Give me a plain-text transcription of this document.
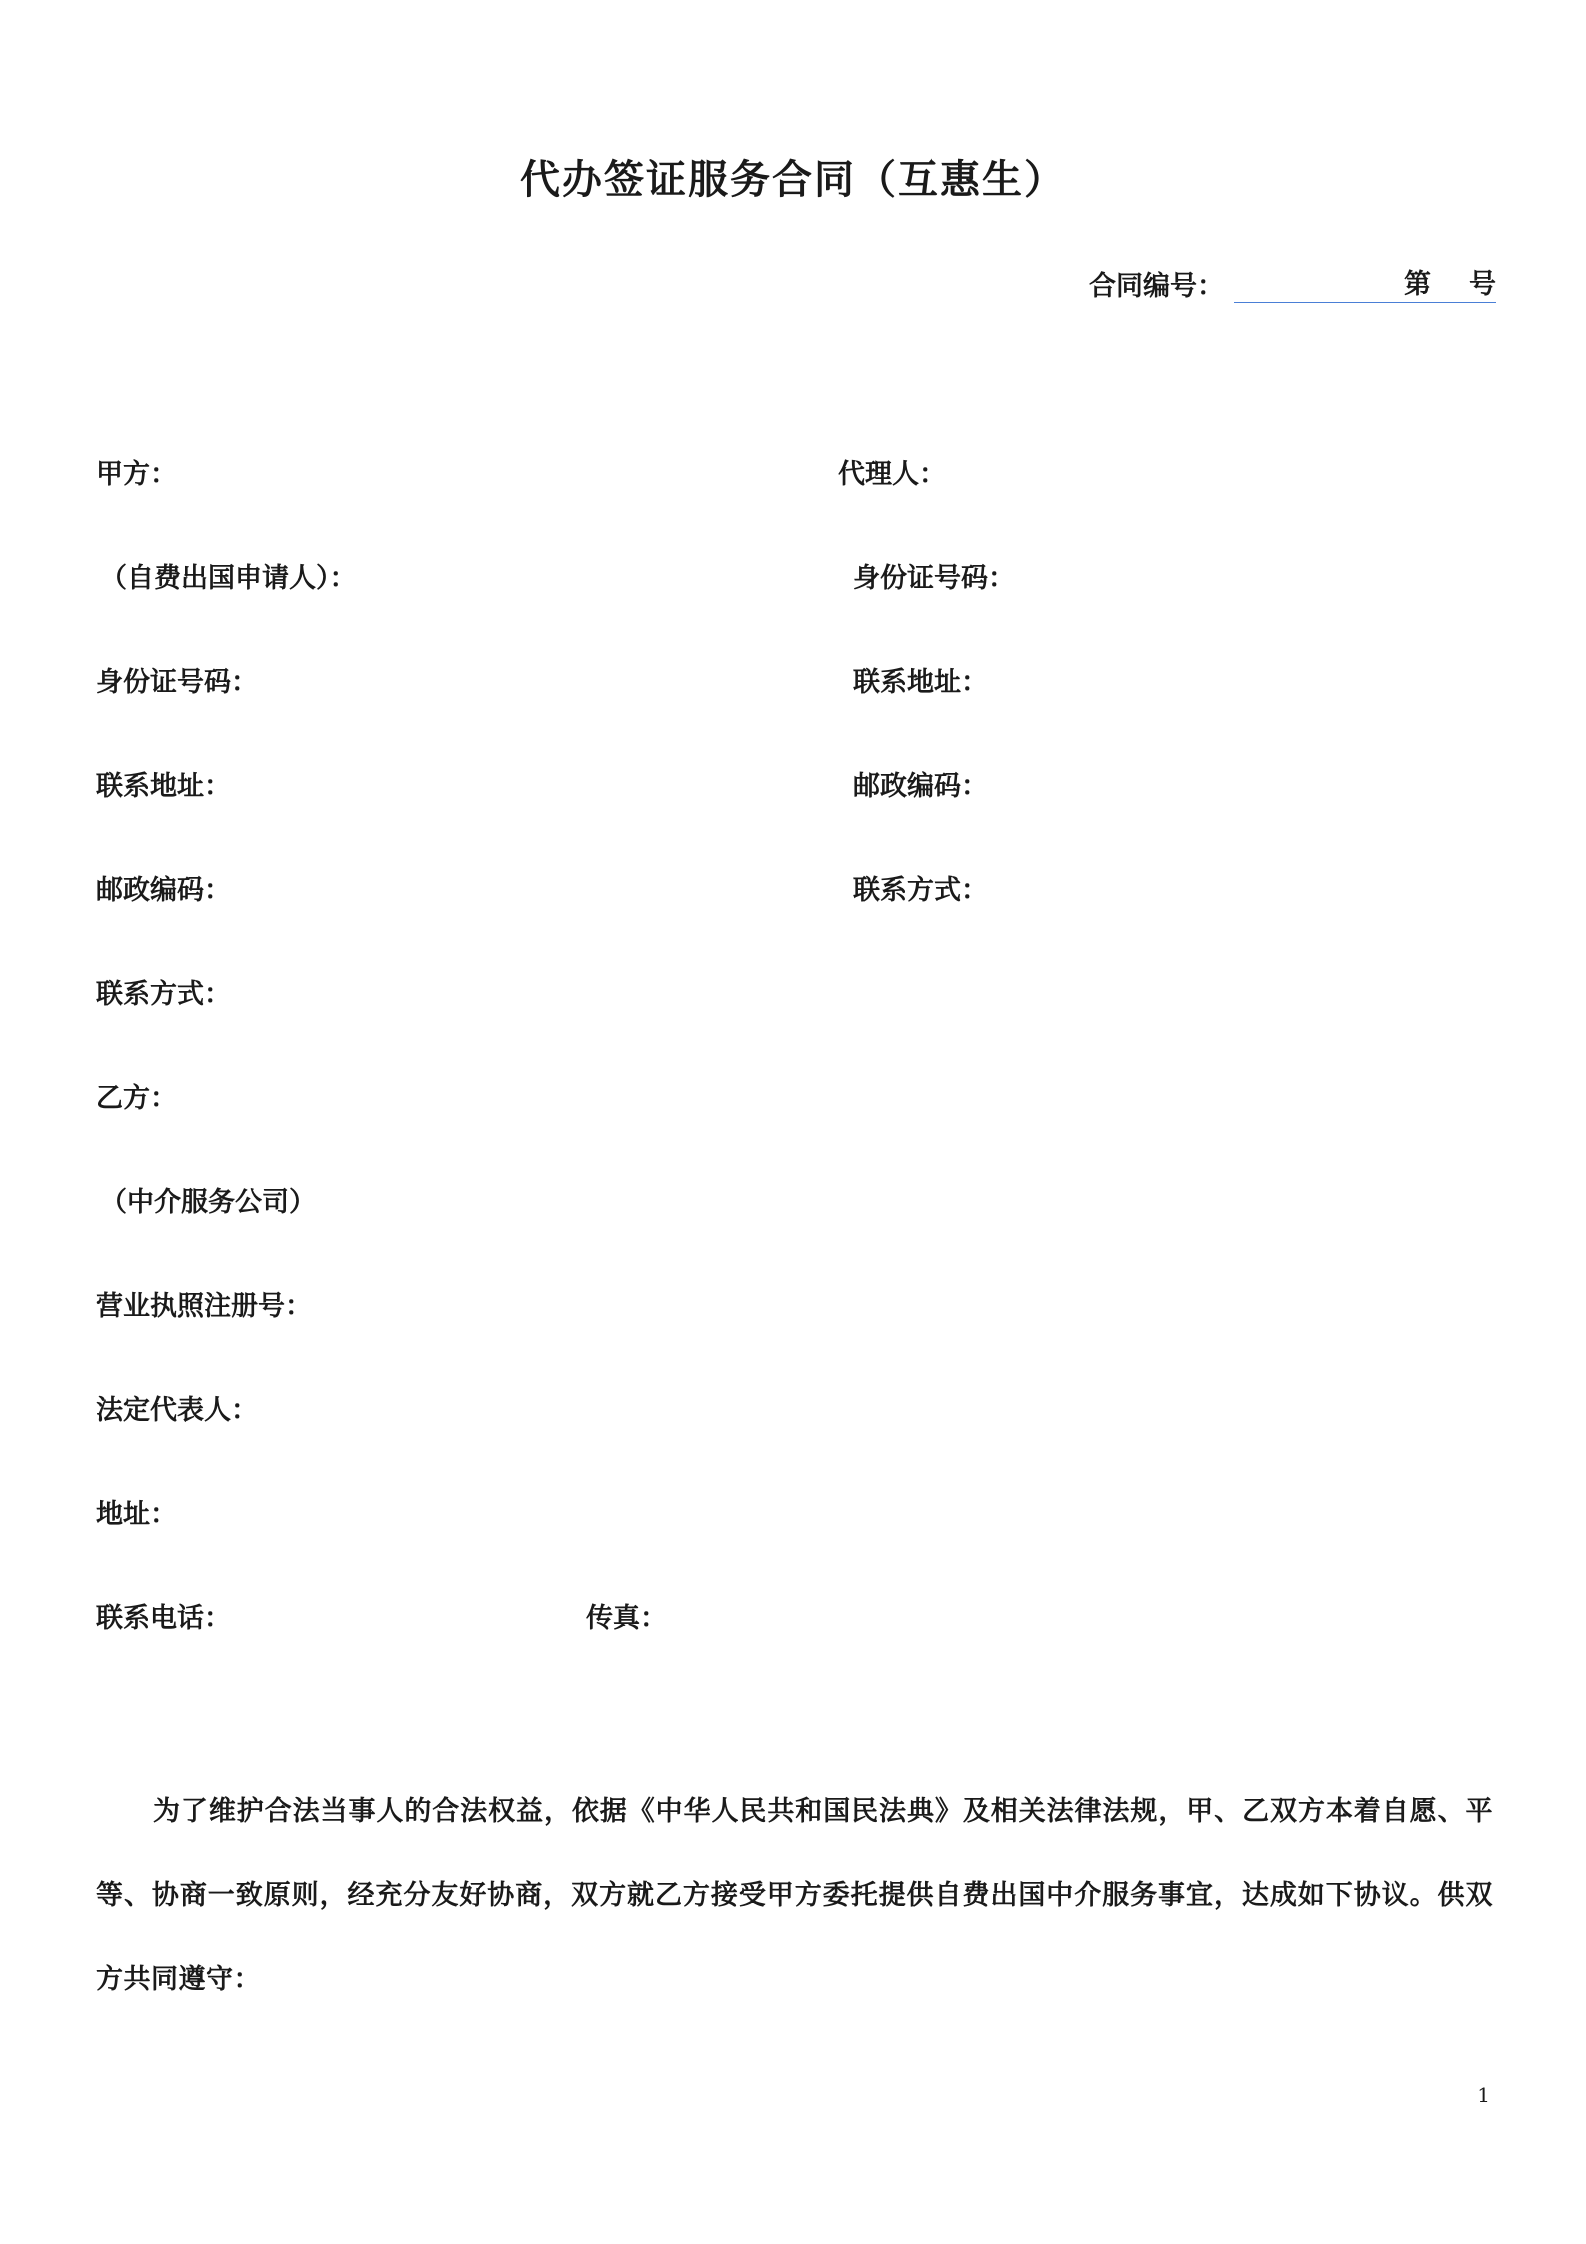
代办签证服务合同（互惠生）
合同编号：	第 号
甲方：
（自费出国申请人）：
身份证号码：
联系地址：
邮政编码：
联系方式：
代理人：
身份证号码：
联系地址：
邮政编码：
联系方式：
乙方：
（中介服务公司）
营业执照注册号：
法定代表人：
地址：
联系电话：	传真：
为了维护合法当事人的合法权益，依据《中华人民共和国民法典》及相关法律法规，甲、乙双方本着自愿、平等、协商一致原则，经充分友好协商，双方就乙方接受甲方委托提供自费出国中介服务事宜，达成如下协议。供双方共同遵守：
1
